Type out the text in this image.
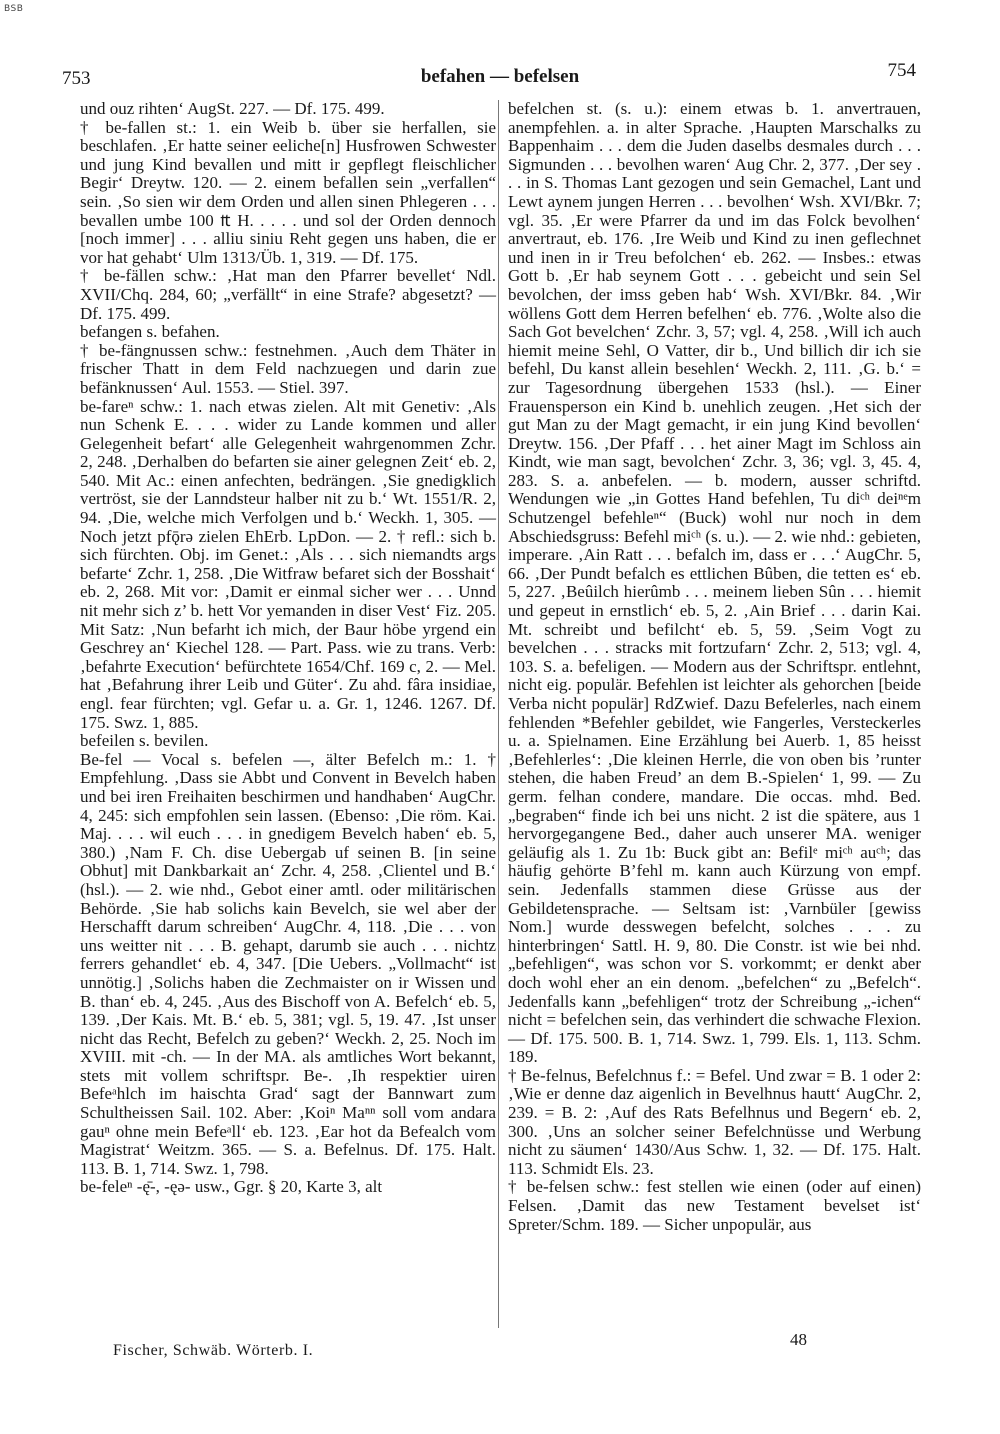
BSB
753	befahen — befelsen	754

und ouz rihten‘ AugSt. 227. — Df. 175. 499.

† be-fallen st.: 1. ein Weib b. über sie herfallen, sie beschlafen. ‚Er hatte seiner eeliche[n] Husfrowen Schwester und jung Kind bevallen und mitt ir gepflegt fleischlicher Begir‘ Dreytw. 120. — 2. einem befallen sein „verfallen“ sein. ‚So sien wir dem Orden und allen sinen Phlegeren . . . bevallen umbe 100 ₶ H. . . . . und sol der Orden dennoch [noch immer] . . . alliu siniu Reht gegen uns haben, die er vor hat gehabt‘ Ulm 1313/Üb. 1, 319. — Df. 175.

† be-fällen schw.: ‚Hat man den Pfarrer bevellet‘ Ndl. XVII/Chq. 284, 60; „verfällt“ in eine Strafe? abgesetzt? — Df. 175. 499.

befangen s. befahen.

† be-fängnussen schw.: festnehmen. ‚Auch dem Thäter in frischer Thatt in dem Feld nachzuegen und darin zue befänknussen‘ Aul. 1553. — Stiel. 397.

be-fareⁿ schw.: 1. nach etwas zielen. Alt mit Genetiv: ‚Als nun Schenk E. . . . wider zu Lande kommen und aller Gelegenheit befart‘ alle Gelegenheit wahrgenommen Zchr. 2, 248. ‚Derhalben do befarten sie ainer gelegnen Zeit‘ eb. 2, 540. Mit Ac.: einen anfechten, bedrängen. ‚Sie gnedigklich vertröst, sie der Lanndsteur halber nit zu b.‘ Wt. 1551/R. 2, 94. ‚Die, welche mich Verfolgen und b.‘ Weckh. 1, 305. — Noch jetzt pfǭrə zielen EhErb. LpDon. — 2. † refl.: sich b. sich fürchten. Obj. im Genet.: ‚Als . . . sich niemandts args befarte‘ Zchr. 1, 258. ‚Die Witfraw befaret sich der Bosshait‘ eb. 2, 268. Mit vor: ‚Damit er einmal sicher wer . . . Unnd nit mehr sich z’ b. hett Vor yemanden in diser Vest‘ Fiz. 205. Mit Satz: ‚Nun befarht ich mich, der Baur höbe yrgend ein Geschrey an‘ Kiechel 128. — Part. Pass. wie zu trans. Verb: ‚befahrte Execution‘ befürchtete 1654/Chf. 169 c, 2. — Mel. hat ‚Befahrung ihrer Leib und Güter‘. Zu ahd. fâra insidiae, engl. fear fürchten; vgl. Gefar u. a. Gr. 1, 1246. 1267. Df. 175. Swz. 1, 885.

befeilen s. bevilen.

Be-fel — Vocal s. befelen —, älter Befelch m.: 1. † Empfehlung. ‚Dass sie Abbt und Convent in Bevelch haben und bei iren Freihaiten beschirmen und handhaben‘ AugChr. 4, 245: sich empfohlen sein lassen. (Ebenso: ‚Die röm. Kai. Maj. . . . wil euch . . . in gnedigem Bevelch haben‘ eb. 5, 380.) ‚Nam F. Ch. dise Uebergab uf seinen B. [in seine Obhut] mit Dankbarkait an‘ Zchr. 4, 258. ‚Clientel und B.‘ (hsl.). — 2. wie nhd., Gebot einer amtl. oder militärischen Behörde. ‚Sie hab solichs kain Bevelch, sie wel aber der Herschafft darum schreiben‘ AugChr. 4, 118. ‚Die . . . von uns weitter nit . . . B. gehapt, darumb sie auch . . . nichtz ferrers gehandlet‘ eb. 4, 347. [Die Uebers. „Vollmacht“ ist unnötig.] ‚Solichs haben die Zechmaister on ir Wissen und B. than‘ eb. 4, 245. ‚Aus des Bischoff von A. Befelch‘ eb. 5, 139. ‚Der Kais. Mt. B.‘ eb. 5, 381; vgl. 5, 19. 47. ‚Ist unser nicht das Recht, Befelch zu geben?‘ Weckh. 2, 25. Noch im XVIII. mit -ch. — In der MA. als amtliches Wort bekannt, stets mit vollem schriftspr. Be-. ‚Ih respektier uiren Befeᵃhlch im haischta Grad‘ sagt der Bannwart zum Schultheissen Sail. 102. Aber: ‚Koiⁿ Maⁿⁿ soll vom andara gauⁿ ohne mein Befeᵃll‘ eb. 123. ‚Ear hot da Befealch vom Magistrat‘ Weitzm. 365. — S. a. Befelnus. Df. 175. Halt. 113. B. 1, 714. Swz. 1, 798.

be-feleⁿ -ę̄-, -ęə- usw., Ggr. § 20, Karte 3, alt

befelchen st. (s. u.): einem etwas b. 1. anvertrauen, anempfehlen. a. in alter Sprache. ‚Haupten Marschalks zu Bappenhaim . . . dem die Juden daselbs desmales durch . . . Sigmunden . . . bevolhen waren‘ Aug Chr. 2, 377. ‚Der sey . . . in S. Thomas Lant gezogen und sein Gemachel, Lant und Lewt aynem jungen Herren . . . bevolhen‘ Wsh. XVI/Bkr. 7; vgl. 35. ‚Er were Pfarrer da und im das Folck bevolhen‘ anvertraut, eb. 176. ‚Ire Weib und Kind zu inen geflechnet und inen in ir Treu befolchen‘ eb. 262. — Insbes.: etwas Gott b. ‚Er hab seynem Gott . . . gebeicht und sein Sel bevolchen, der imss geben hab‘ Wsh. XVI/Bkr. 84. ‚Wir wöllens Gott dem Herren befelhen‘ eb. 776. ‚Wolte also die Sach Got bevelchen‘ Zchr. 3, 57; vgl. 4, 258. ‚Will ich auch hiemit meine Sehl, O Vatter, dir b., Und billich dir ich sie befehl, Du kanst allein besehlen‘ Weckh. 2, 111. ‚G. b.‘ = zur Tagesordnung übergehen 1533 (hsl.). — Einer Frauensperson ein Kind b. unehlich zeugen. ‚Het sich der gut Man zu der Magt gemacht, ir ein jung Kind bevollen‘ Dreytw. 156. ‚Der Pfaff . . . het ainer Magt im Schloss ain Kindt, wie man sagt, bevolchen‘ Zchr. 3, 36; vgl. 3, 45. 4, 283. S. a. anbefelen. — b. modern, ausser schriftd. Wendungen wie „in Gottes Hand befehlen, Tu diᶜʰ deiⁿᵉm Schutzengel befehleⁿ“ (Buck) wohl nur noch in dem Abschiedsgruss: Befehl miᶜʰ (s. u.). — 2. wie nhd.: gebieten, imperare. ‚Ain Ratt . . . befalch im, dass er . . .‘ AugChr. 5, 66. ‚Der Pundt befalch es ettlichen Bûben, die tetten es‘ eb. 5, 227. ‚Beûilch hierûmb . . . meinem lieben Sûn . . . hiemit und gepeut in ernstlich‘ eb. 5, 2. ‚Ain Brief . . . darin Kai. Mt. schreibt und befilcht‘ eb. 5, 59. ‚Seim Vogt zu bevelchen . . . stracks mit fortzufarn‘ Zchr. 2, 513; vgl. 4, 103. S. a. befeligen. — Modern aus der Schriftspr. entlehnt, nicht eig. populär. Befehlen ist leichter als gehorchen [beide Verba nicht populär] RdZwief. Dazu Befelerles, nach einem fehlenden *Befehler gebildet, wie Fangerles, Versteckerles u. a. Spielnamen. Eine Erzählung bei Auerb. 1, 85 heisst ‚Befehlerles‘: ‚Die kleinen Herrle, die von oben bis ’runter stehen, die haben Freud’ an dem B.-Spielen‘ 1, 99. — Zu germ. felhan condere, mandare. Die occas. mhd. Bed. „begraben“ finde ich bei uns nicht. 2 ist die spätere, aus 1 hervorgegangene Bed., daher auch unserer MA. weniger geläufig als 1. Zu 1b: Buck gibt an: Befilᵉ miᶜʰ auᶜʰ; das häufig gehörte B’fehl m. kann auch Kürzung von empf. sein. Jedenfalls stammen diese Grüsse aus der Gebildetensprache. — Seltsam ist: ‚Varnbüler [gewiss Nom.] wurde desswegen befelcht, solches . . . zu hinterbringen‘ Sattl. H. 9, 80. Die Constr. ist wie bei nhd. „befehligen“, was schon vor S. vorkommt; er denkt aber doch wohl eher an ein denom. „befelchen“ zu „Befelch“. Jedenfalls kann „befehligen“ trotz der Schreibung „-ichen“ nicht = befelchen sein, das verhindert die schwache Flexion. — Df. 175. 500. B. 1, 714. Swz. 1, 799. Els. 1, 113. Schm. 189.

† Be-felnus, Befelchnus f.: = Befel. Und zwar = B. 1 oder 2: ‚Wie er denne daz aigenlich in Bevelhnus hautt‘ AugChr. 2, 239. = B. 2: ‚Auf des Rats Befelhnus und Begern‘ eb. 2, 300. ‚Uns an solcher seiner Befelchnüsse und Werbung nicht zu säumen‘ 1430/Aus Schw. 1, 32. — Df. 175. Halt. 113. Schmidt Els. 23.

† be-felsen schw.: fest stellen wie einen (oder auf einen) Felsen. ‚Damit das new Testament bevelset ist‘ Spreter/Schm. 189. — Sicher unpopulär, aus

Fischer, Schwäb. Wörterb. I.
48
